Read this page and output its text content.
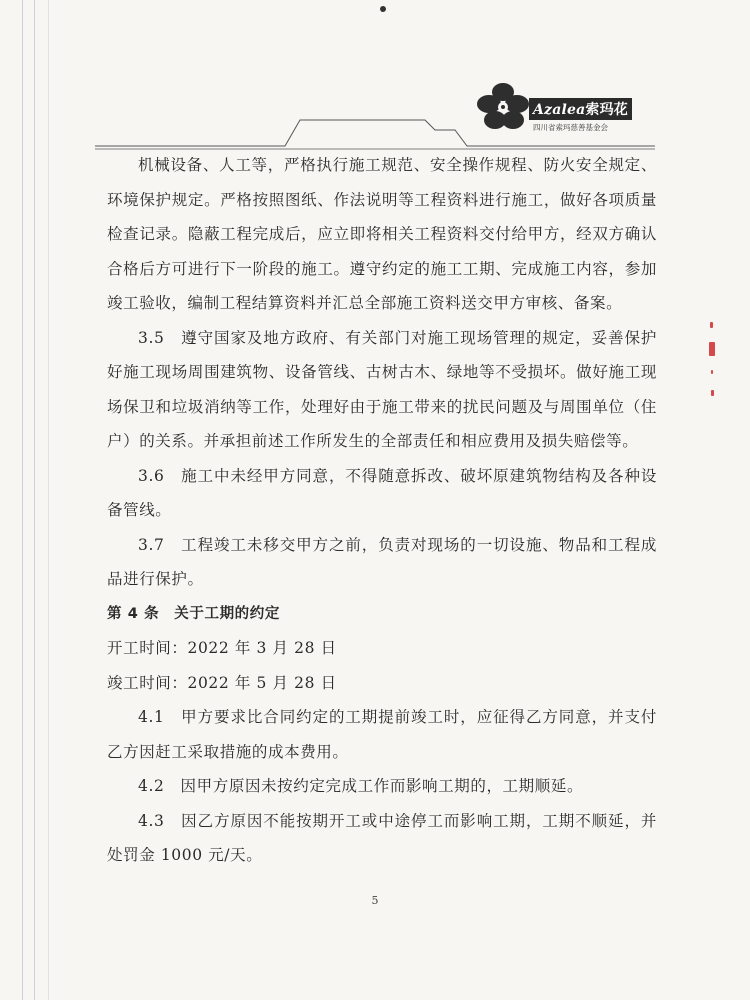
Azalea索玛花
四川省索玛慈善基金会

机械设备、人工等，严格执行施工规范、安全操作规程、防火安全规定、环境保护规定。严格按照图纸、作法说明等工程资料进行施工，做好各项质量检查记录。隐蔽工程完成后，应立即将相关工程资料交付给甲方，经双方确认合格后方可进行下一阶段的施工。遵守约定的施工工期、完成施工内容，参加竣工验收，编制工程结算资料并汇总全部施工资料送交甲方审核、备案。

3.5　遵守国家及地方政府、有关部门对施工现场管理的规定，妥善保护好施工现场周围建筑物、设备管线、古树古木、绿地等不受损坏。做好施工现场保卫和垃圾消纳等工作，处理好由于施工带来的扰民问题及与周围单位（住户）的关系。并承担前述工作所发生的全部责任和相应费用及损失赔偿等。

3.6　施工中未经甲方同意，不得随意拆改、破坏原建筑物结构及各种设备管线。

3.7　工程竣工未移交甲方之前，负责对现场的一切设施、物品和工程成品进行保护。

第 4 条　关于工期的约定

开工时间：2022 年 3 月 28 日

竣工时间：2022 年 5 月 28 日

4.1　甲方要求比合同约定的工期提前竣工时，应征得乙方同意，并支付乙方因赶工采取措施的成本费用。

4.2　因甲方原因未按约定完成工作而影响工期的，工期顺延。

4.3　因乙方原因不能按期开工或中途停工而影响工期，工期不顺延，并处罚金 1000 元/天。

5
